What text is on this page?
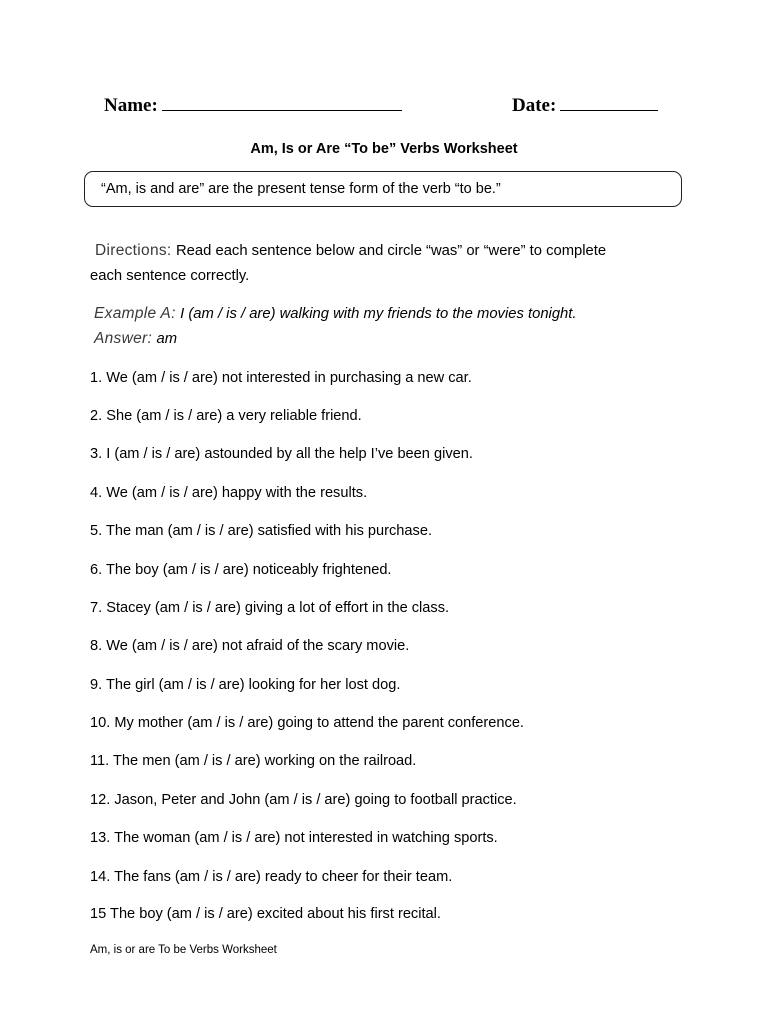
Name:	Date:
Am, Is or Are “To be” Verbs Worksheet
“Am, is and are” are the present tense form of the verb “to be.”
Directions: Read each sentence below and circle “was” or “were” to complete
each sentence correctly.
Example A: I (am / is / are) walking with my friends to the movies tonight.
Answer: am
1. We (am / is / are) not interested in purchasing a new car.
2. She (am / is / are) a very reliable friend.
3. I (am / is / are) astounded by all the help I’ve been given.
4. We (am / is / are) happy with the results.
5. The man (am / is / are) satisfied with his purchase.
6. The boy (am / is / are) noticeably frightened.
7. Stacey (am / is / are) giving a lot of effort in the class.
8. We (am / is / are) not afraid of the scary movie.
9. The girl (am / is / are) looking for her lost dog.
10. My mother (am / is / are) going to attend the parent conference.
11. The men (am / is / are) working on the railroad.
12. Jason, Peter and John (am / is / are) going to football practice.
13. The woman (am / is / are) not interested in watching sports.
14. The fans (am / is / are) ready to cheer for their team.
15 The boy (am / is / are) excited about his first recital.
Am, is or are To be Verbs Worksheet
